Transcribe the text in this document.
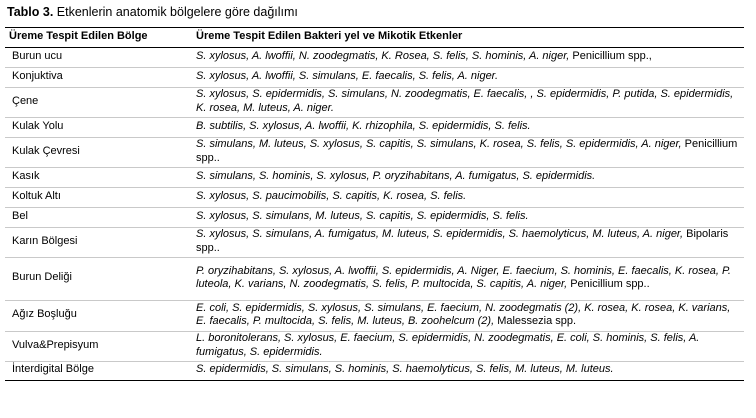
Tablo 3. Etkenlerin anatomik bölgelere göre dağılımı
Üreme Tespit Edilen Bölge	Üreme Tespit Edilen Bakteri yel ve Mikotik Etkenler
Burun ucu	S. xylosus, A. lwoffii, N. zoodegmatis, K. Rosea, S. felis, S. hominis, A. niger, Penicillium spp.,
Konjuktiva	S. xylosus, A. lwoffii, S. simulans, E. faecalis, S. felis, A. niger.
Çene	S. xylosus, S. epidermidis, S. simulans, N. zoodegmatis, E. faecalis, , S. epidermidis, P. putida, S. epidermidis, K. rosea, M. luteus, A. niger.
Kulak Yolu	B. subtilis, S. xylosus, A. lwoffii, K. rhizophila, S. epidermidis, S. felis.
Kulak Çevresi	S. simulans, M. luteus, S. xylosus, S. capitis, S. simulans, K. rosea, S. felis, S. epidermidis, A. niger, Penicillium spp..
Kasık	S. simulans, S. hominis, S. xylosus, P. oryzihabitans, A. fumigatus, S. epidermidis.
Koltuk Altı	S. xylosus, S. paucimobilis, S. capitis, K. rosea, S. felis.
Bel	S. xylosus, S. simulans, M. luteus, S. capitis, S. epidermidis, S. felis.
Karın Bölgesi	S. xylosus, S. simulans, A. fumigatus, M. luteus, S. epidermidis, S. haemolyticus, M. luteus, A. niger, Bipolaris spp..
Burun Deliği	P. oryzihabitans, S. xylosus, A. lwoffii, S. epidermidis, A. Niger, E. faecium, S. hominis, E. faecalis, K. rosea, P. luteola, K. varians, N. zoodegmatis, S. felis, P. multocida, S. capitis, A. niger, Penicillium spp..
Ağız Boşluğu	E. coli, S. epidermidis, S. xylosus, S. simulans, E. faecium, N. zoodegmatis (2), K. rosea, K. rosea, K. varians, E. faecalis, P. multocida, S. felis, M. luteus, B. zoohelcum (2), Malessezia spp.
Vulva&Prepisyum	L. boronitolerans, S. xylosus, E. faecium, S. epidermidis, N. zoodegmatis, E. coli, S. hominis, S. felis, A. fumigatus, S. epidermidis.
İnterdigital Bölge	S. epidermidis, S. simulans, S. hominis, S. haemolyticus, S. felis, M. luteus, M. luteus.
